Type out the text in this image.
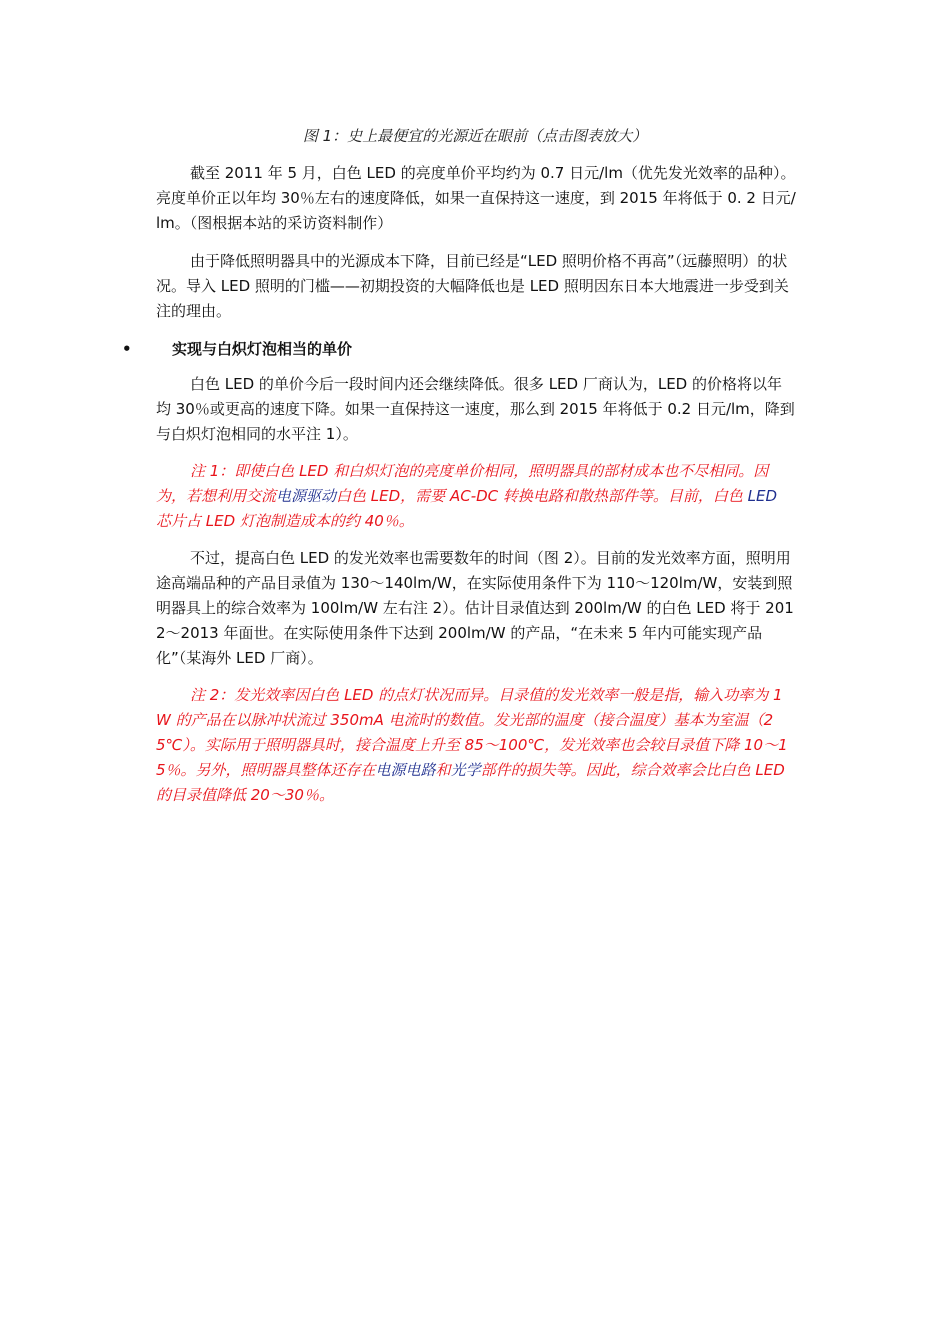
图 1：史上最便宜的光源近在眼前（点击图表放大）

截至 2011 年 5 月，白色 LED 的亮度单价平均约为 0.7 日元/lm（优先发光效率的品种）。亮度单价正以年均 30％左右的速度降低，如果一直保持这一速度，到 2015 年将低于 0. 2 日元/lm。（图根据本站的采访资料制作）

由于降低照明器具中的光源成本下降，目前已经是“LED 照明价格不再高”（远藤照明）的状况。导入 LED 照明的门槛——初期投资的大幅降低也是 LED 照明因东日本大地震进一步受到关注的理由。

•	实现与白炽灯泡相当的单价

白色 LED 的单价今后一段时间内还会继续降低。很多 LED 厂商认为，LED 的价格将以年均 30％或更高的速度下降。如果一直保持这一速度，那么到 2015 年将低于 0.2 日元/lm，降到与白炽灯泡相同的水平注 1）。

注 1：即使白色 LED 和白炽灯泡的亮度单价相同，照明器具的部材成本也不尽相同。因为，若想利用交流电源驱动白色 LED，需要 AC-DC 转换电路和散热部件等。目前，白色 LED 芯片占 LED 灯泡制造成本的约 40％。

不过，提高白色 LED 的发光效率也需要数年的时间（图 2）。目前的发光效率方面，照明用途高端品种的产品目录值为 130～140lm/W，在实际使用条件下为 110～120lm/W，安装到照明器具上的综合效率为 100lm/W 左右注 2）。估计目录值达到 200lm/W 的白色 LED 将于 2012～2013 年面世。在实际使用条件下达到 200lm/W 的产品，“在未来 5 年内可能实现产品化”（某海外 LED 厂商）。

注 2：发光效率因白色 LED 的点灯状况而异。目录值的发光效率一般是指，输入功率为 1W 的产品在以脉冲状流过 350mA 电流时的数值。发光部的温度（接合温度）基本为室温（25℃）。实际用于照明器具时，接合温度上升至 85～100℃，发光效率也会较目录值下降 10～15％。另外，照明器具整体还存在电源电路和光学部件的损失等。因此，综合效率会比白色 LED 的目录值降低 20～30％。
